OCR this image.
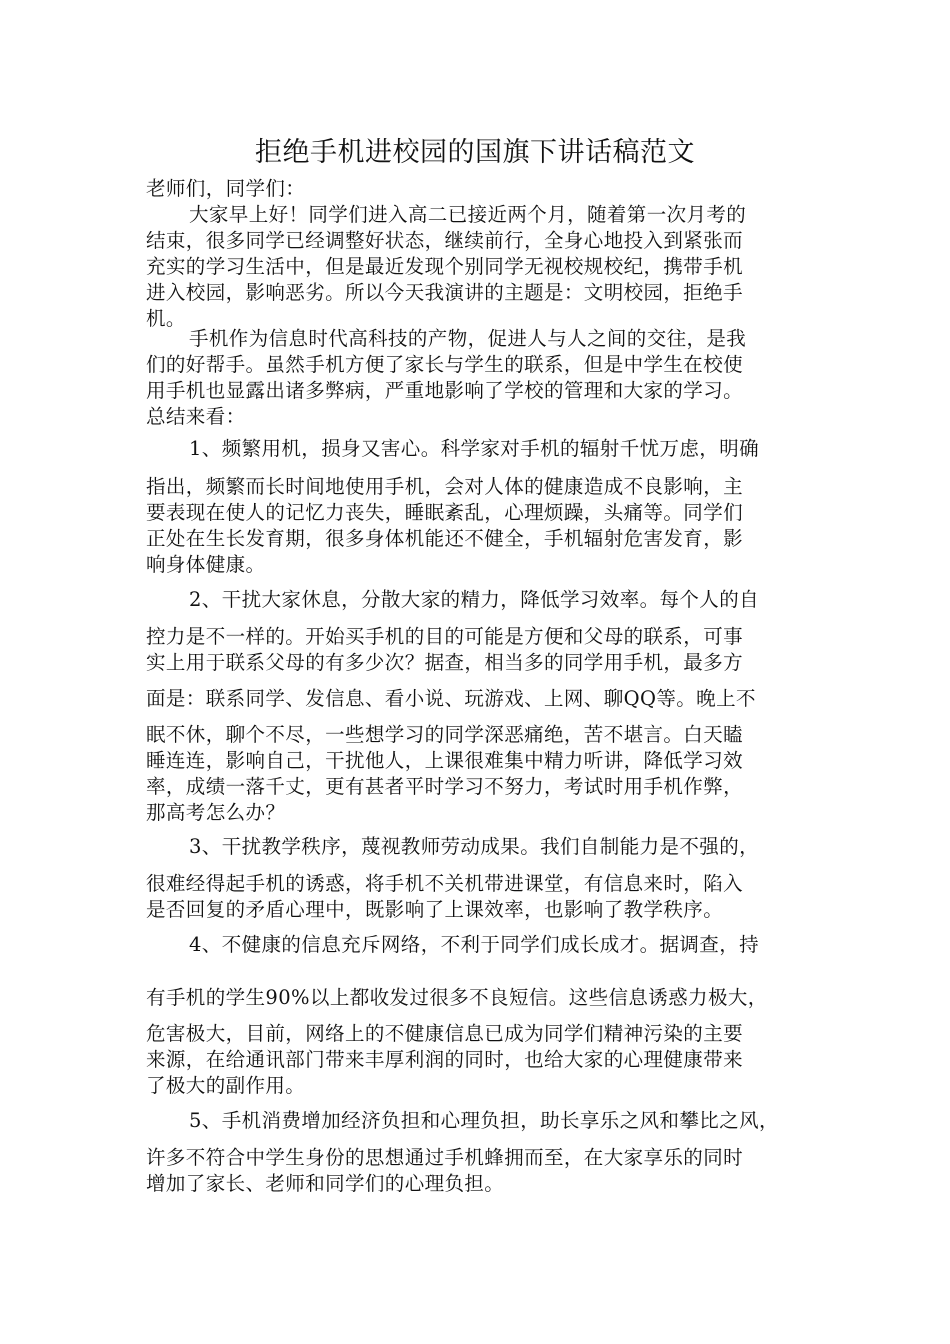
拒绝手机进校园的国旗下讲话稿范文
老师们，同学们：
大家早上好！同学们进入高二已接近两个月，随着第一次月考的
结束，很多同学已经调整好状态，继续前行，全身心地投入到紧张而
充实的学习生活中，但是最近发现个别同学无视校规校纪，携带手机
进入校园，影响恶劣。所以今天我演讲的主题是：文明校园，拒绝手
机。
手机作为信息时代高科技的产物，促进人与人之间的交往，是我
们的好帮手。虽然手机方便了家长与学生的联系，但是中学生在校使
用手机也显露出诸多弊病，严重地影响了学校的管理和大家的学习。
总结来看：
1、频繁用机，损身又害心。科学家对手机的辐射千忧万虑，明确
指出，频繁而长时间地使用手机，会对人体的健康造成不良影响，主
要表现在使人的记忆力丧失，睡眠紊乱，心理烦躁，头痛等。同学们
正处在生长发育期，很多身体机能还不健全，手机辐射危害发育，影
响身体健康。
2、干扰大家休息，分散大家的精力，降低学习效率。每个人的自
控力是不一样的。开始买手机的目的可能是方便和父母的联系，可事
实上用于联系父母的有多少次？据查，相当多的同学用手机，最多方
面是：联系同学、发信息、看小说、玩游戏、上网、聊QQ等。晚上不
眠不休，聊个不尽，一些想学习的同学深恶痛绝，苦不堪言。白天瞌
睡连连，影响自己，干扰他人，上课很难集中精力听讲，降低学习效
率，成绩一落千丈，更有甚者平时学习不努力，考试时用手机作弊，
那高考怎么办？
3、干扰教学秩序，蔑视教师劳动成果。我们自制能力是不强的，
很难经得起手机的诱惑，将手机不关机带进课堂，有信息来时，陷入
是否回复的矛盾心理中，既影响了上课效率，也影响了教学秩序。
4、不健康的信息充斥网络，不利于同学们成长成才。据调查，持
有手机的学生90%以上都收发过很多不良短信。这些信息诱惑力极大，
危害极大，目前，网络上的不健康信息已成为同学们精神污染的主要
来源，在给通讯部门带来丰厚利润的同时，也给大家的心理健康带来
了极大的副作用。
5、手机消费增加经济负担和心理负担，助长享乐之风和攀比之风，
许多不符合中学生身份的思想通过手机蜂拥而至，在大家享乐的同时
增加了家长、老师和同学们的心理负担。
